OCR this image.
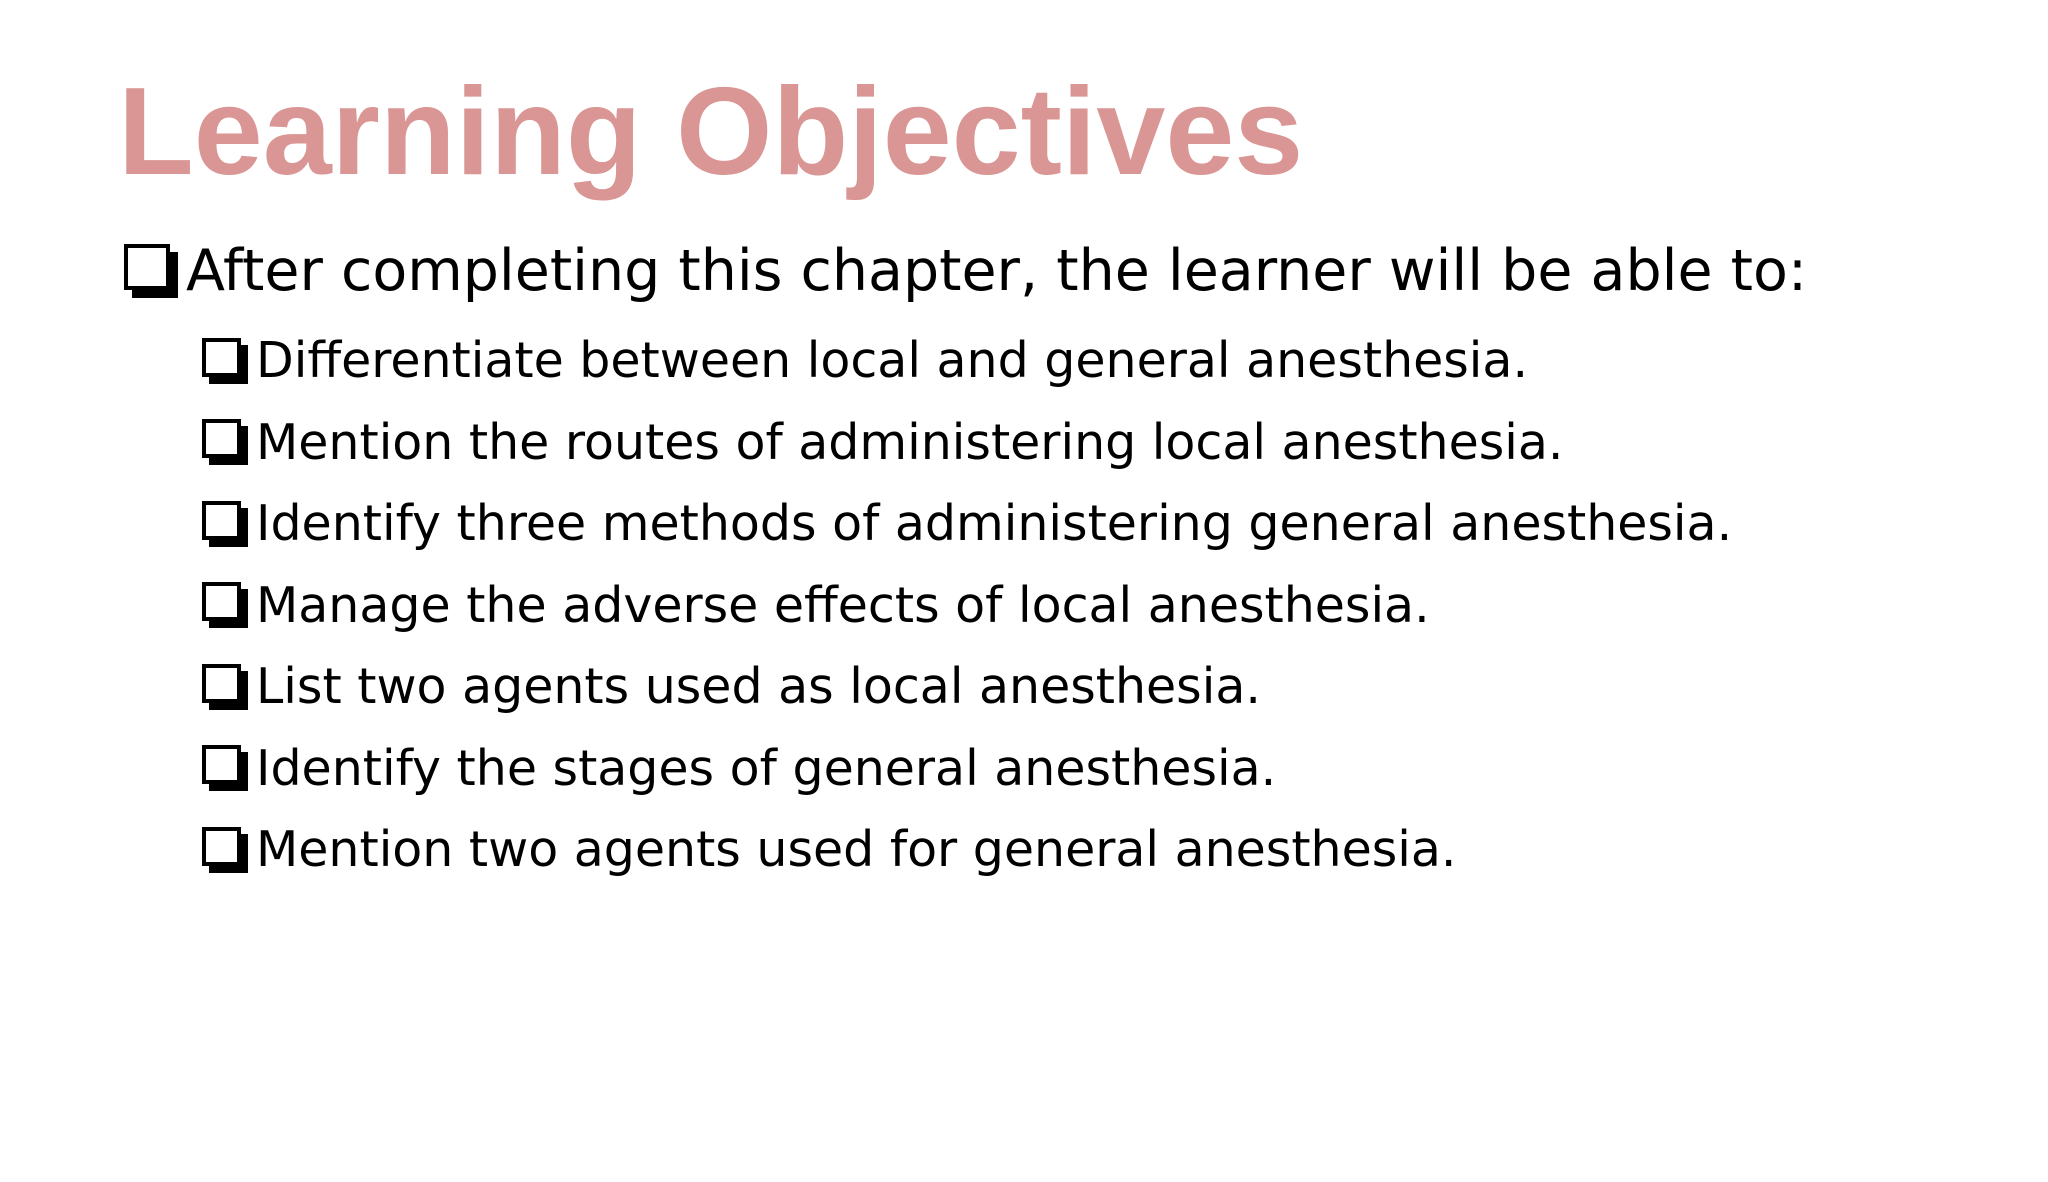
Learning Objectives
After completing this chapter, the learner will be able to:
Differentiate between local and general anesthesia.
Mention the routes of administering local anesthesia.
Identify three methods of administering general anesthesia.
Manage the adverse effects of local anesthesia.
List two agents used as local anesthesia.
Identify the stages of general anesthesia.
Mention two agents used for general anesthesia.
